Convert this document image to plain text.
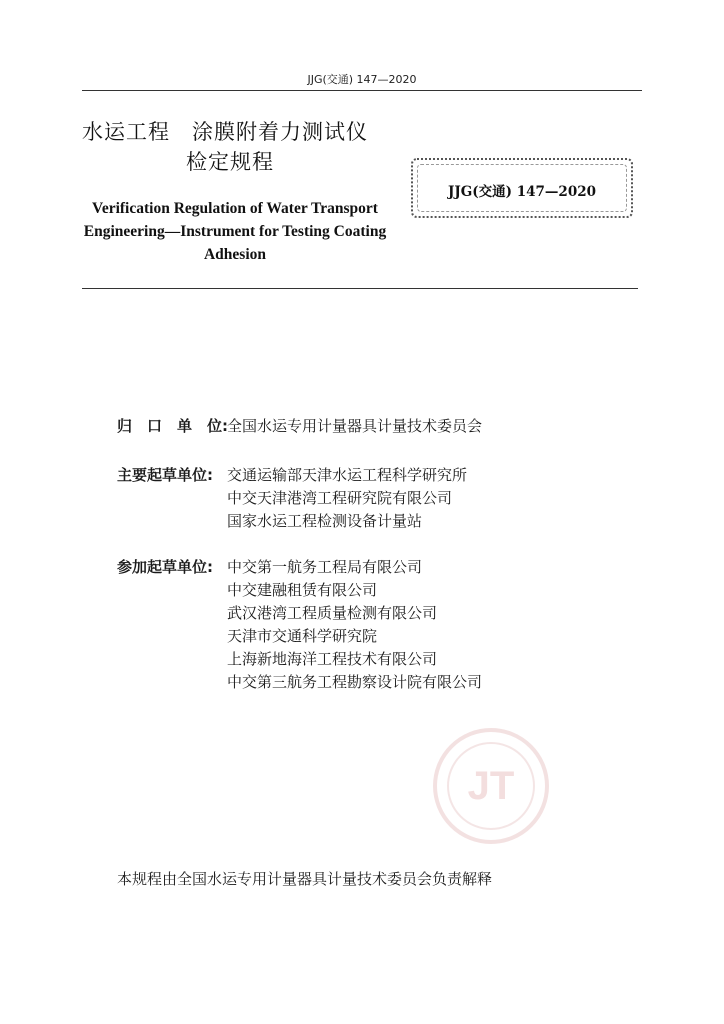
JJG(交通) 147—2020
水运工程　涂膜附着力测试仪
检定规程
JJG(交通) 147—2020
Verification Regulation of Water Transport Engineering—Instrument for Testing Coating Adhesion
归　口　单　位: 全国水运专用计量器具计量技术委员会
主要起草单位: 交通运输部天津水运工程科学研究所
中交天津港湾工程研究院有限公司
国家水运工程检测设备计量站
参加起草单位: 中交第一航务工程局有限公司
中交建融租赁有限公司
武汉港湾工程质量检测有限公司
天津市交通科学研究院
上海新地海洋工程技术有限公司
中交第三航务工程勘察设计院有限公司
JT
本规程由全国水运专用计量器具计量技术委员会负责解释
